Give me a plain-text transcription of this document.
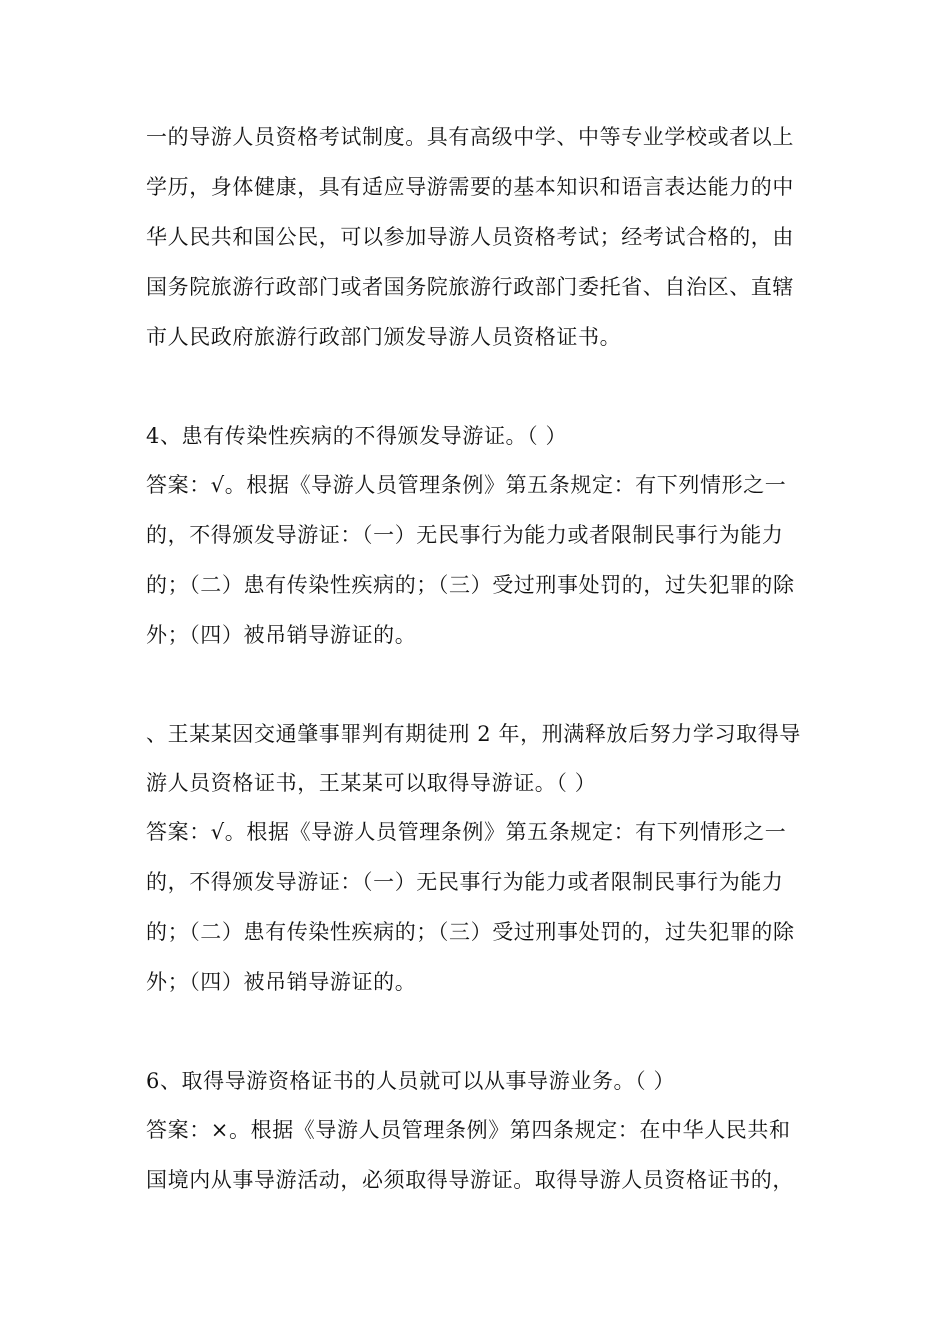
一的导游人员资格考试制度。具有高级中学、中等专业学校或者以上
学历，身体健康，具有适应导游需要的基本知识和语言表达能力的中
华人民共和国公民，可以参加导游人员资格考试；经考试合格的，由
国务院旅游行政部门或者国务院旅游行政部门委托省、自治区、直辖
市人民政府旅游行政部门颁发导游人员资格证书。
4、患有传染性疾病的不得颁发导游证。（ ）
答案：√。根据《导游人员管理条例》第五条规定：有下列情形之一
的，不得颁发导游证：（一）无民事行为能力或者限制民事行为能力
的；（二）患有传染性疾病的；（三）受过刑事处罚的，过失犯罪的除
外；（四）被吊销导游证的。
、王某某因交通肇事罪判有期徒刑 2 年，刑满释放后努力学习取得导
游人员资格证书，王某某可以取得导游证。（ ）
答案：√。根据《导游人员管理条例》第五条规定：有下列情形之一
的，不得颁发导游证：（一）无民事行为能力或者限制民事行为能力
的；（二）患有传染性疾病的；（三）受过刑事处罚的，过失犯罪的除
外；（四）被吊销导游证的。
6、取得导游资格证书的人员就可以从事导游业务。（ ）
答案：×。根据《导游人员管理条例》第四条规定：在中华人民共和
国境内从事导游活动，必须取得导游证。取得导游人员资格证书的，
